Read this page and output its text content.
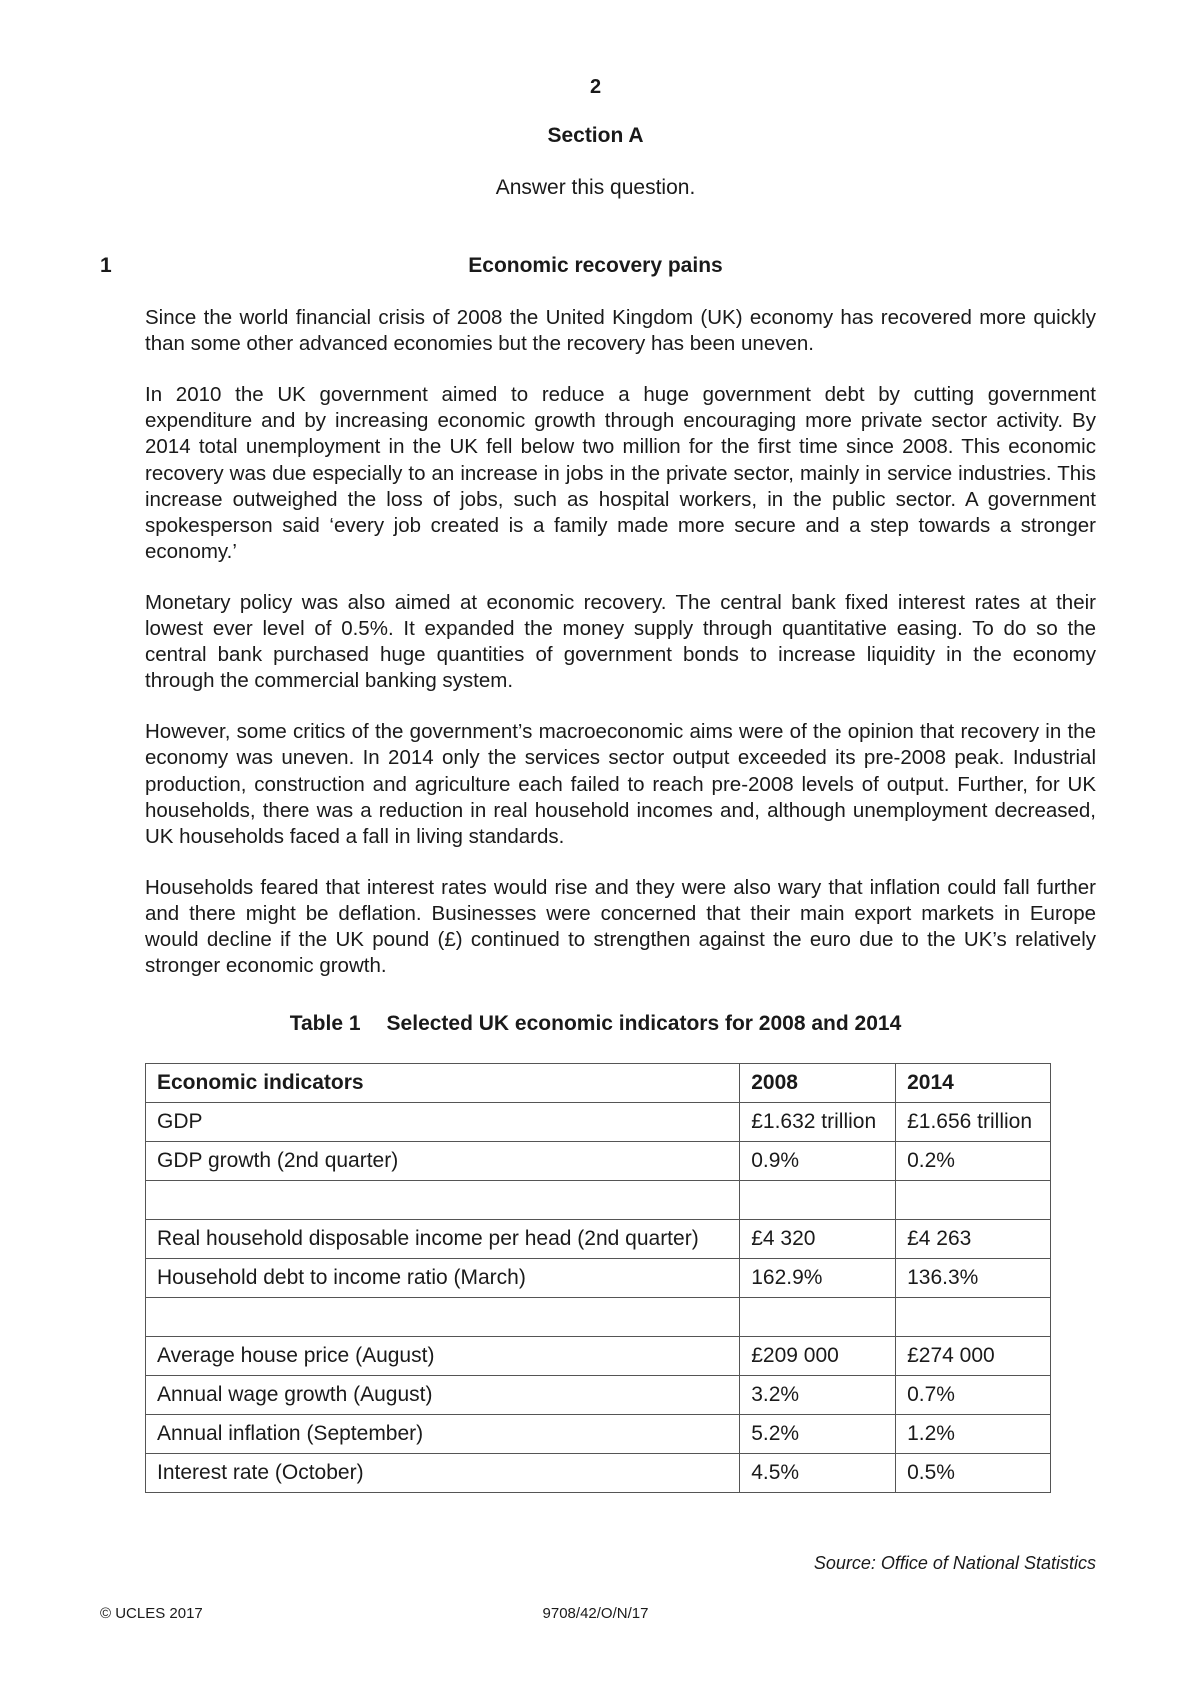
2
Section A
Answer this question.
1	Economic recovery pains

Since the world financial crisis of 2008 the United Kingdom (UK) economy has recovered more quickly than some other advanced economies but the recovery has been uneven.

In 2010 the UK government aimed to reduce a huge government debt by cutting government expenditure and by increasing economic growth through encouraging more private sector activity. By 2014 total unemployment in the UK fell below two million for the first time since 2008. This economic recovery was due especially to an increase in jobs in the private sector, mainly in service industries. This increase outweighed the loss of jobs, such as hospital workers, in the public sector. A government spokesperson said ‘every job created is a family made more secure and a step towards a stronger economy.’

Monetary policy was also aimed at economic recovery. The central bank fixed interest rates at their lowest ever level of 0.5%. It expanded the money supply through quantitative easing. To do so the central bank purchased huge quantities of government bonds to increase liquidity in the economy through the commercial banking system.

However, some critics of the government’s macroeconomic aims were of the opinion that recovery in the economy was uneven. In 2014 only the services sector output exceeded its pre-2008 peak. Industrial production, construction and agriculture each failed to reach pre-2008 levels of output. Further, for UK households, there was a reduction in real household incomes and, although unemployment decreased, UK households faced a fall in living standards.

Households feared that interest rates would rise and they were also wary that inflation could fall further and there might be deflation. Businesses were concerned that their main export markets in Europe would decline if the UK pound (£) continued to strengthen against the euro due to the UK’s relatively stronger economic growth.

Table 1 Selected UK economic indicators for 2008 and 2014
Economic indicators	2008	2014
GDP	£1.632 trillion	£1.656 trillion
GDP growth (2nd quarter)	0.9%	0.2%

Real household disposable income per head (2nd quarter)	£4 320	£4 263
Household debt to income ratio (March)	162.9%	136.3%

Average house price (August)	£209 000	£274 000
Annual wage growth (August)	3.2%	0.7%
Annual inflation (September)	5.2%	1.2%
Interest rate (October)	4.5%	0.5%
Source: Office of National Statistics
© UCLES 2017	9708/42/O/N/17
